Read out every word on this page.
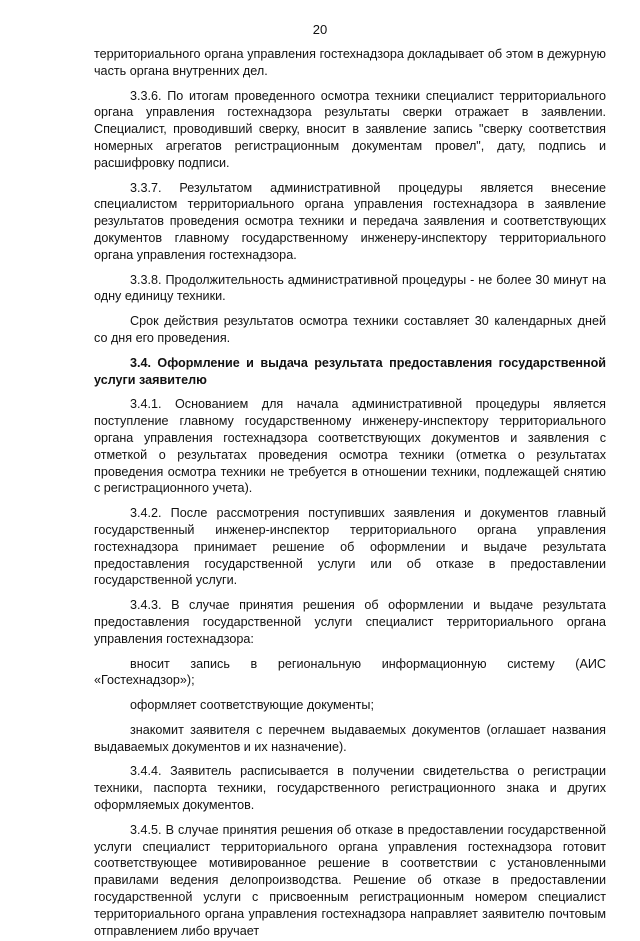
20

территориального органа управления гостехнадзора докладывает об этом в дежурную часть органа внутренних дел.

3.3.6. По итогам проведенного осмотра техники специалист территориального органа управления гостехнадзора результаты сверки отражает в заявлении. Специалист, проводивший сверку, вносит в заявление запись "сверку соответствия номерных агрегатов регистрационным документам провел", дату, подпись и расшифровку подписи.

3.3.7. Результатом административной процедуры является внесение специалистом территориального органа управления гостехнадзора в заявление результатов проведения осмотра техники и передача заявления и соответствующих документов главному государственному инженеру-инспектору территориального органа управления гостехнадзора.

3.3.8. Продолжительность административной процедуры - не более 30 минут на одну единицу техники.

Срок действия результатов осмотра техники составляет 30 календарных дней со дня его проведения.

3.4. Оформление и выдача результата предоставления государственной услуги заявителю

3.4.1. Основанием для начала административной процедуры является поступление главному государственному инженеру-инспектору территориального органа управления гостехнадзора соответствующих документов и заявления с отметкой о результатах проведения осмотра техники (отметка о результатах проведения осмотра техники не требуется в отношении техники, подлежащей снятию с регистрационного учета).

3.4.2. После рассмотрения поступивших заявления и документов главный государственный инженер-инспектор территориального органа управления гостехнадзора принимает решение об оформлении и выдаче результата предоставления государственной услуги или об отказе в предоставлении государственной услуги.

3.4.3. В случае принятия решения об оформлении и выдаче результата предоставления государственной услуги специалист территориального органа управления гостехнадзора:

вносит запись в региональную информационную систему (АИС «Гостехнадзор»);

оформляет соответствующие документы;

знакомит заявителя с перечнем выдаваемых документов (оглашает названия выдаваемых документов и их назначение).

3.4.4. Заявитель расписывается в получении свидетельства о регистрации техники, паспорта техники, государственного регистрационного знака и других оформляемых документов.

3.4.5. В случае принятия решения об отказе в предоставлении государственной услуги специалист территориального органа управления гостехнадзора готовит соответствующее мотивированное решение в соответствии с установленными правилами ведения делопроизводства. Решение об отказе в предоставлении государственной услуги с присвоенным регистрационным номером специалист территориального органа управления гостехнадзора направляет заявителю почтовым отправлением либо вручает
